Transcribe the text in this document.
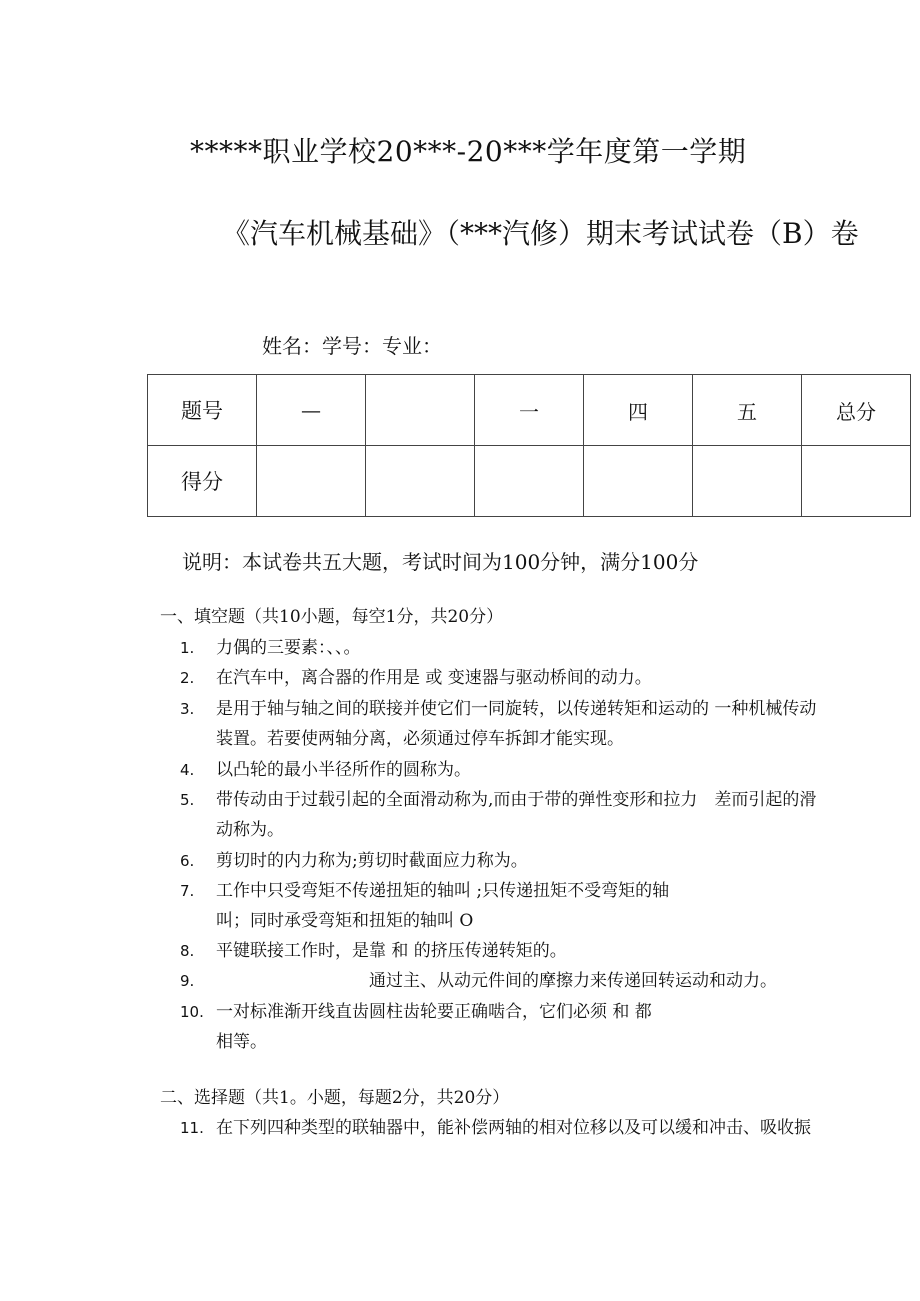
*****职业学校20***-20***学年度第一学期
《汽车机械基础》（***汽修）期末考试试卷（B）卷
姓名：学号：专业：
题号	—		一	四	五	总分
得分						
说明：本试卷共五大题，考试时间为100分钟，满分100分
一、填空题（共10小题，每空1分，共20分）
1. 力偶的三要素：、、。
2. 在汽车中，离合器的作用是 或 变速器与驱动桥间的动力。
3. 是用于轴与轴之间的联接并使它们一同旋转，以传递转矩和运动的 一种机械传动
装置。若要使两轴分离，必须通过停车拆卸才能实现。
4. 以凸轮的最小半径所作的圆称为。
5. 带传动由于过载引起的全面滑动称为,而由于带的弹性变形和拉力　差而引起的滑
动称为。
6. 剪切时的内力称为;剪切时截面应力称为。
7. 工作中只受弯矩不传递扭矩的轴叫 ;只传递扭矩不受弯矩的轴
叫；同时承受弯矩和扭矩的轴叫 O
8. 平键联接工作时，是靠 和 的挤压传递转矩的。
9.　　　　　　　　　通过主、从动元件间的摩擦力来传递回转运动和动力。
10. 一对标准渐开线直齿圆柱齿轮要正确啮合，它们必须 和 都
相等。
二、选择题（共1。小题，每题2分，共20分）
11. 在下列四种类型的联轴器中，能补偿两轴的相对位移以及可以缓和冲击、吸收振
